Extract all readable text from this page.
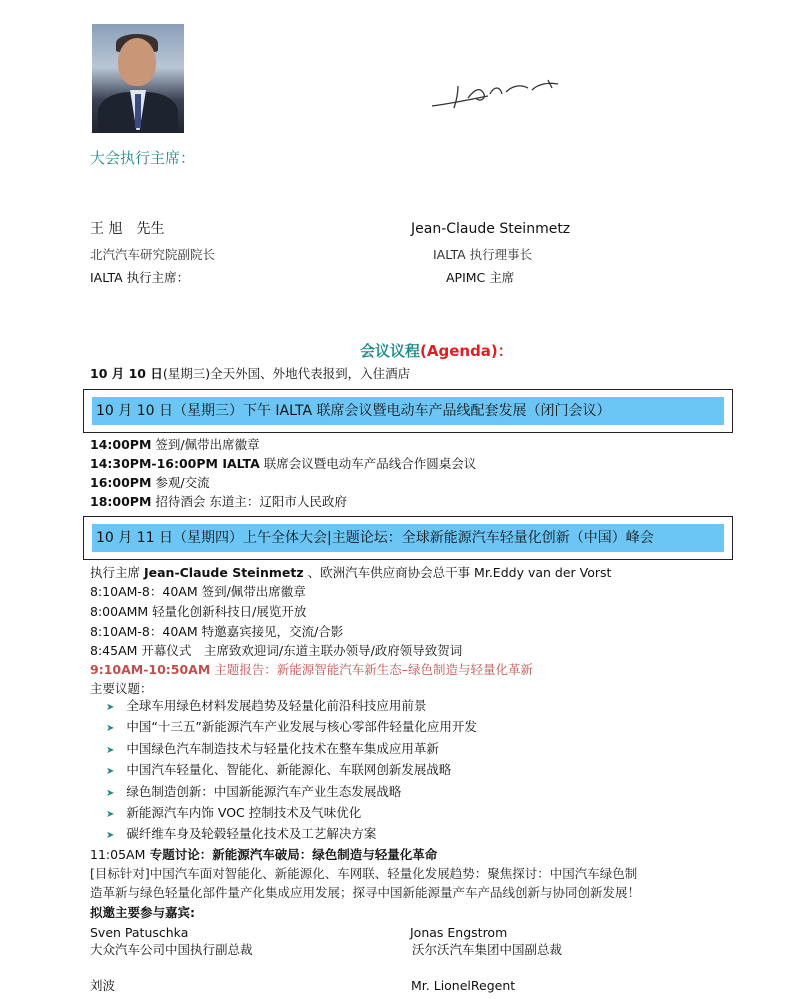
大会执行主席：
王 旭　先生
北汽汽车研究院副院长
IALTA 执行主席：
Jean-Claude Steinmetz
IALTA 执行理事长
APIMC 主席
会议议程(Agenda)：
10 月 10 日(星期三)全天外国、外地代表报到，入住酒店
10 月 10 日（星期三）下午 IALTA 联席会议暨电动车产品线配套发展（闭门会议）
14:00PM 签到/佩带出席徽章
14:30PM-16:00PM IALTA 联席会议暨电动车产品线合作圆桌会议
16:00PM 参观/交流
18:00PM 招待酒会 东道主：辽阳市人民政府
10 月 11 日（星期四）上午全体大会|主题论坛：全球新能源汽车轻量化创新（中国）峰会
执行主席 Jean-Claude Steinmetz 、欧洲汽车供应商协会总干事 Mr.Eddy van der Vorst
8:10AM-8：40AM 签到/佩带出席徽章
8:00AMM 轻量化创新科技日/展览开放
8:10AM-8：40AM 特邀嘉宾接见，交流/合影
8:45AM 开幕仪式　主席致欢迎词/东道主联办领导/政府领导致贺词
9:10AM-10:50AM 主题报告：新能源智能汽车新生态–绿色制造与轻量化革新
主要议题：
➤ 全球车用绿色材料发展趋势及轻量化前沿科技应用前景
➤ 中国“十三五”新能源汽车产业发展与核心零部件轻量化应用开发
➤ 中国绿色汽车制造技术与轻量化技术在整车集成应用革新
➤ 中国汽车轻量化、智能化、新能源化、车联网创新发展战略
➤ 绿色制造创新：中国新能源汽车产业生态发展战略
➤ 新能源汽车内饰 VOC 控制技术及气味优化
➤ 碳纤维车身及轮毂轻量化技术及工艺解决方案
11:05AM 专题讨论：新能源汽车破局：绿色制造与轻量化革命
[目标针对]中国汽车面对智能化、新能源化、车网联、轻量化发展趋势：聚焦探讨：中国汽车绿色制
造革新与绿色轻量化部件量产化集成应用发展；探寻中国新能源量产车产品线创新与协同创新发展！
拟邀主要参与嘉宾:
Sven Patuschka
大众汽车公司中国执行副总裁
Jonas Engstrom
沃尔沃汽车集团中国副总裁
刘波	Mr. LionelRegent
